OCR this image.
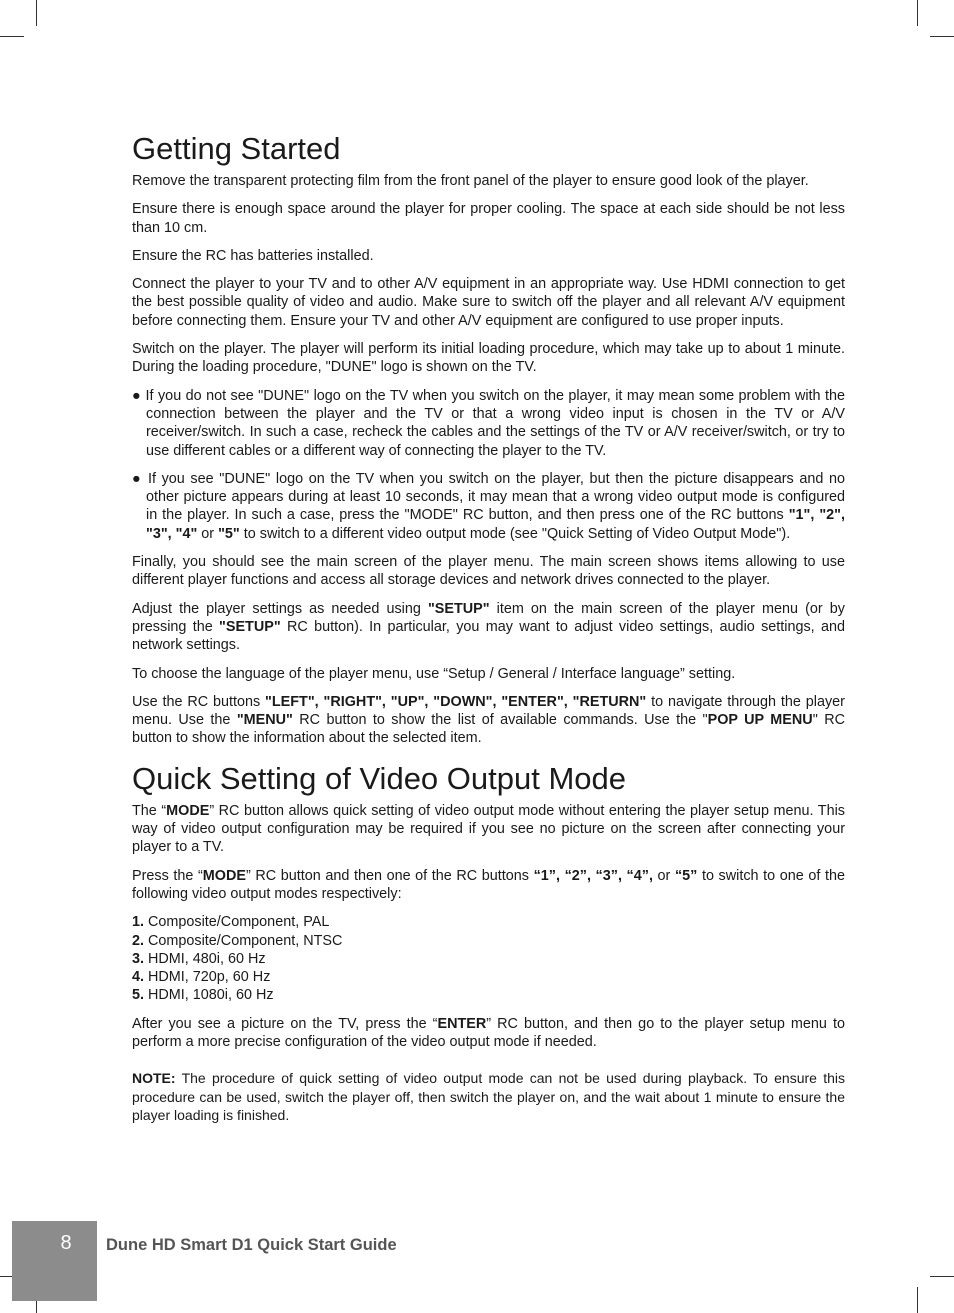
Getting Started

Remove the transparent protecting film from the front panel of the player to ensure good look of the player.

Ensure there is enough space around the player for proper cooling. The space at each side should be not less than 10 cm.

Ensure the RC has batteries installed.

Connect the player to your TV and to other A/V equipment in an appropriate way. Use HDMI connection to get the best possible quality of video and audio. Make sure to switch off the player and all relevant A/V equipment before connecting them. Ensure your TV and other A/V equipment are configured to use proper inputs.

Switch on the player. The player will perform its initial loading procedure, which may take up to about 1 minute. During the loading procedure, "DUNE" logo is shown on the TV.

● If you do not see "DUNE" logo on the TV when you switch on the player, it may mean some problem with the connection between the player and the TV or that a wrong video input is chosen in the TV or A/V receiver/switch. In such a case, recheck the cables and the settings of the TV or A/V receiver/switch, or try to use different cables or a different way of connecting the player to the TV.

● If you see "DUNE" logo on the TV when you switch on the player, but then the picture disappears and no other picture appears during at least 10 seconds, it may mean that a wrong video output mode is configured in the player. In such a case, press the "MODE" RC button, and then press one of the RC buttons "1", "2", "3", "4" or "5" to switch to a different video output mode (see "Quick Setting of Video Output Mode").

Finally, you should see the main screen of the player menu. The main screen shows items allowing to use different player functions and access all storage devices and network drives connected to the player.

Adjust the player settings as needed using "SETUP" item on the main screen of the player menu (or by pressing the "SETUP" RC button). In particular, you may want to adjust video settings, audio settings, and network settings.

To choose the language of the player menu, use “Setup / General / Interface language” setting.

Use the RC buttons "LEFT", "RIGHT", "UP", "DOWN", "ENTER", "RETURN" to navigate through the player menu. Use the "MENU" RC button to show the list of available commands. Use the "POP UP MENU" RC button to show the information about the selected item.

Quick Setting of Video Output Mode

The “MODE” RC button allows quick setting of video output mode without entering the player setup menu. This way of video output configuration may be required if you see no picture on the screen after connecting your player to a TV.

Press the “MODE” RC button and then one of the RC buttons “1”, “2”, “3”, “4”, or “5” to switch to one of the following video output modes respectively:

1. Composite/Component, PAL
2. Composite/Component, NTSC
3. HDMI, 480i, 60 Hz
4. HDMI, 720p, 60 Hz
5. HDMI, 1080i, 60 Hz

After you see a picture on the TV, press the “ENTER” RC button, and then go to the player setup menu to perform a more precise configuration of the video output mode if needed.

NOTE: The procedure of quick setting of video output mode can not be used during playback. To ensure this procedure can be used, switch the player off, then switch the player on, and the wait about 1 minute to ensure the player loading is finished.

8	Dune HD Smart D1 Quick Start Guide
